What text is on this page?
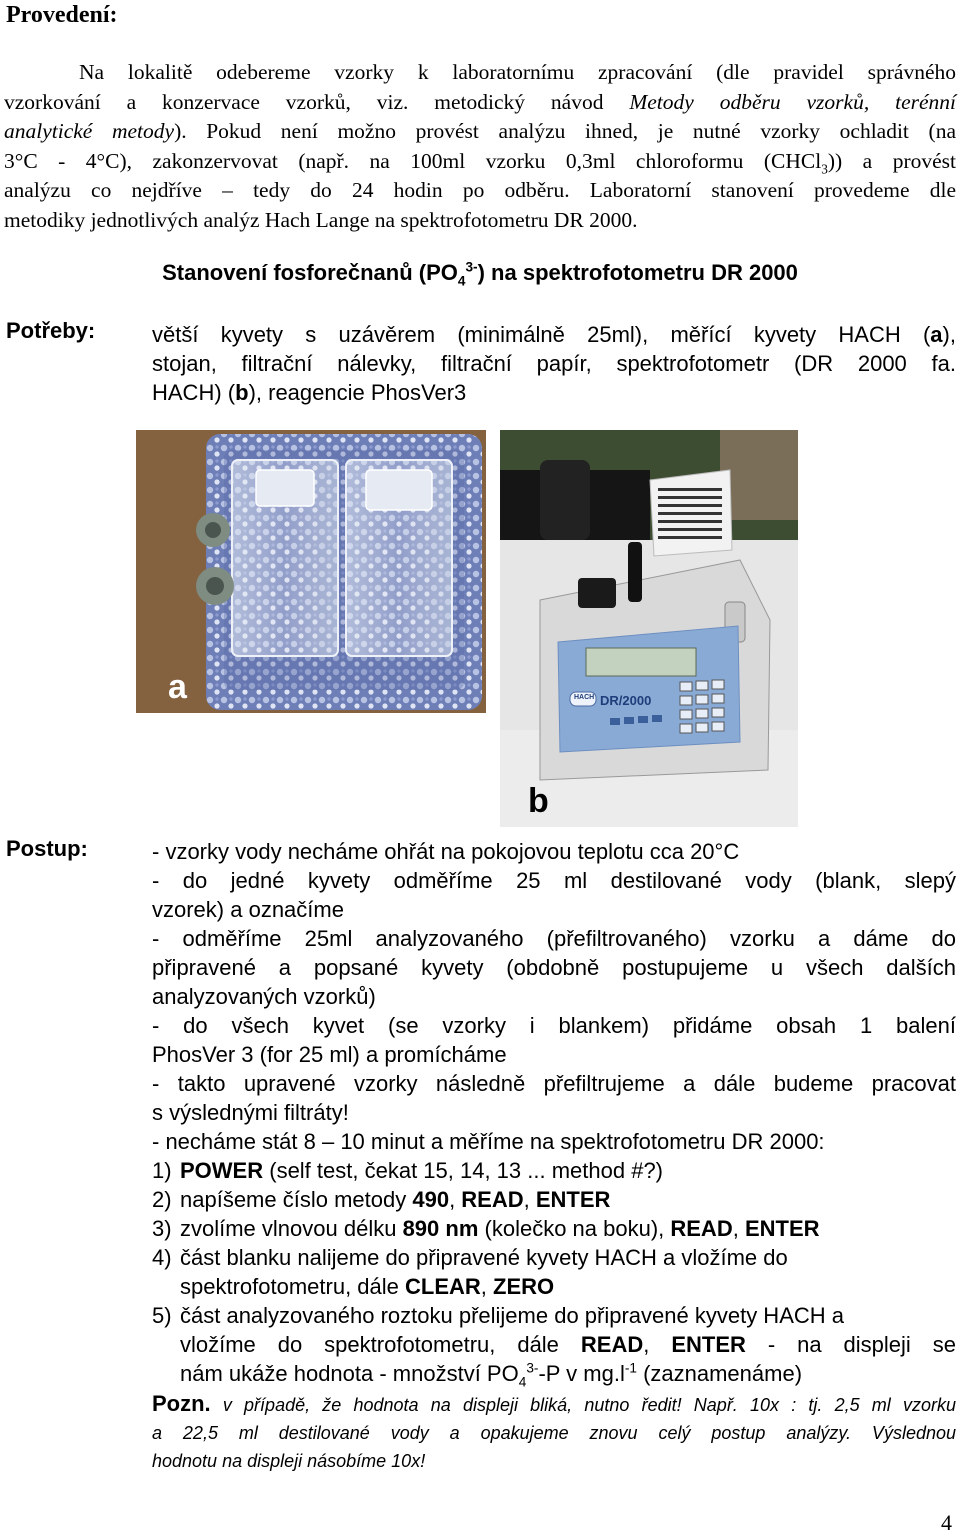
Provedení:

Na lokalitě odebereme vzorky k laboratornímu zpracování (dle pravidel správného

vzorkování a konzervace vzorků, viz. metodický návod Metody odběru vzorků, terénní

analytické metody). Pokud není možno provést analýzu ihned, je nutné vzorky ochladit (na

3°C - 4°C), zakonzervovat (např. na 100ml vzorku 0,3ml chloroformu (CHCl$_3$)) a provést

analýzu co nejdříve – tedy do 24 hodin po odběru. Laboratorní stanovení provedeme dle

metodiky jednotlivých analýz Hach Lange na spektrofotometru DR 2000.

Stanovení fosforečnanů $(PO_4^{3-})$ na spektrofotometru DR 2000
Potřeby:	větší kyvety s uzávěrem (minimálně 25ml), měřící kyvety HACH (a),
stojan, filtrační nálevky, filtrační papír, spektrofotometr (DR 2000 fa.
HACH) (b), reagencie PhosVer3
a	DR/2000
HACH
b
Postup:	- vzorky vody necháme ohřát na pokojovou teplotu cca 20°C
- do jedné kyvety odměříme 25 ml destilované vody (blank, slepý
vzorek) a označíme
- odměříme 25ml analyzovaného (přefiltrovaného) vzorku a dáme do
připravené a popsané kyvety (obdobně postupujeme u všech dalších
analyzovaných vzorků)
- do všech kyvet (se vzorky i blankem) přidáme obsah 1 balení
PhosVer 3 (for 25 ml) a promícháme
- takto upravené vzorky následně přefiltrujeme a dále budeme pracovat
s výslednými filtráty!
- necháme stát 8 – 10 minut a měříme na spektrofotometru DR 2000:
1) POWER (self test, čekat 15, 14, 13 ... method #?)
2) napíšeme číslo metody 490, READ, ENTER
3) zvolíme vlnovou délku 890 nm (kolečko na boku), READ, ENTER
4) část blanku nalijeme do připravené kyvety HACH a vložíme do
spektrofotometru, dále CLEAR, ZERO
5) část analyzovaného roztoku přelijeme do připravené kyvety HACH a
vložíme do spektrofotometru, dále READ, ENTER - na displeji se
nám ukáže hodnota - množství $PO_4^{3-}-P$ v $mg.l^{-1}$ (zaznamenáme)
Pozn. v případě, že hodnota na displeji bliká, nutno ředit! Např. 10x : tj. 2,5 ml vzorku
a 22,5 ml destilované vody a opakujeme znovu celý postup analýzy. Výslednou
hodnotu na displeji násobíme 10x!
4
